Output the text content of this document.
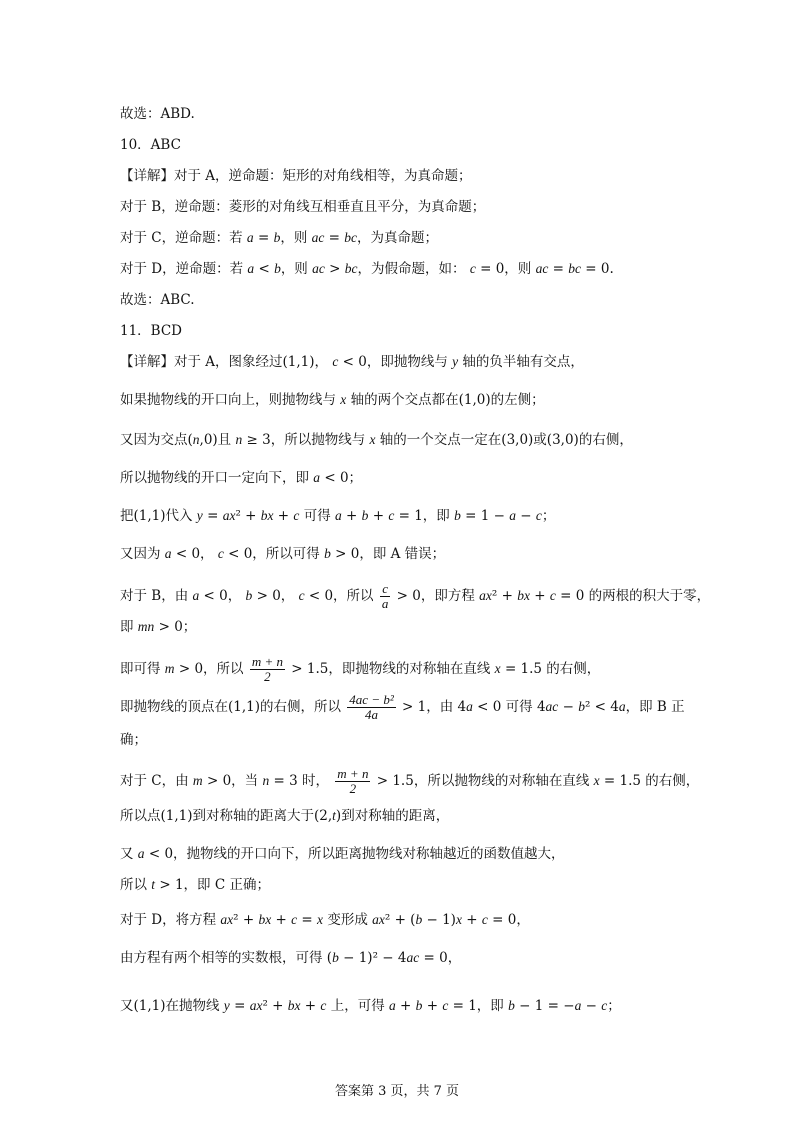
故选：ABD.
10．ABC
【详解】对于 A，逆命题：矩形的对角线相等，为真命题；
对于 B，逆命题：菱形的对角线互相垂直且平分，为真命题；
对于 C，逆命题：若 a = b，则 ac = bc，为真命题；
对于 D，逆命题：若 a < b，则 ac > bc，为假命题，如： c = 0，则 ac = bc = 0.
故选：ABC.
11．BCD
【详解】对于 A，图象经过(1,1)， c < 0，即抛物线与 y 轴的负半轴有交点，
如果抛物线的开口向上，则抛物线与 x 轴的两个交点都在(1,0)的左侧；
又因为交点(n,0)且 n ≥ 3，所以抛物线与 x 轴的一个交点一定在(3,0)或(3,0)的右侧，
所以抛物线的开口一定向下，即 a < 0；
把(1,1)代入 y = ax² + bx + c 可得 a + b + c = 1，即 b = 1 − a − c；
又因为 a < 0， c < 0，所以可得 b > 0，即 A 错误；
对于 B，由 a < 0， b > 0， c < 0，所以 $\frac{c}{a} > 0$，即方程 ax² + bx + c = 0 的两根的积大于零，
即 mn > 0；
即可得 m > 0，所以 $\frac{m + n}{2} > 1.5$，即抛物线的对称轴在直线 x = 1.5 的右侧，
即抛物线的顶点在(1,1)的右侧，所以 $\frac{\text{4ac − b²}}{4a} > 1$，由 4a < 0 可得 4ac − b² < 4a，即 B 正
确；
对于 C，由 m > 0，当 n = 3 时， $\frac{m + n}{2} > 1.5$，所以抛物线的对称轴在直线 x = 1.5 的右侧，
所以点(1,1)到对称轴的距离大于(2,t)到对称轴的距离，
又 a < 0，抛物线的开口向下，所以距离抛物线对称轴越近的函数值越大，
所以 t > 1，即 C 正确；
对于 D，将方程 ax² + bx + c = x 变形成 ax² + (b − 1)x + c = 0，
由方程有两个相等的实数根，可得 (b − 1)² − 4ac = 0，
又(1,1)在抛物线 y = ax² + bx + c 上，可得 a + b + c = 1，即 b − 1 = −a − c；
答案第 3 页，共 7 页
